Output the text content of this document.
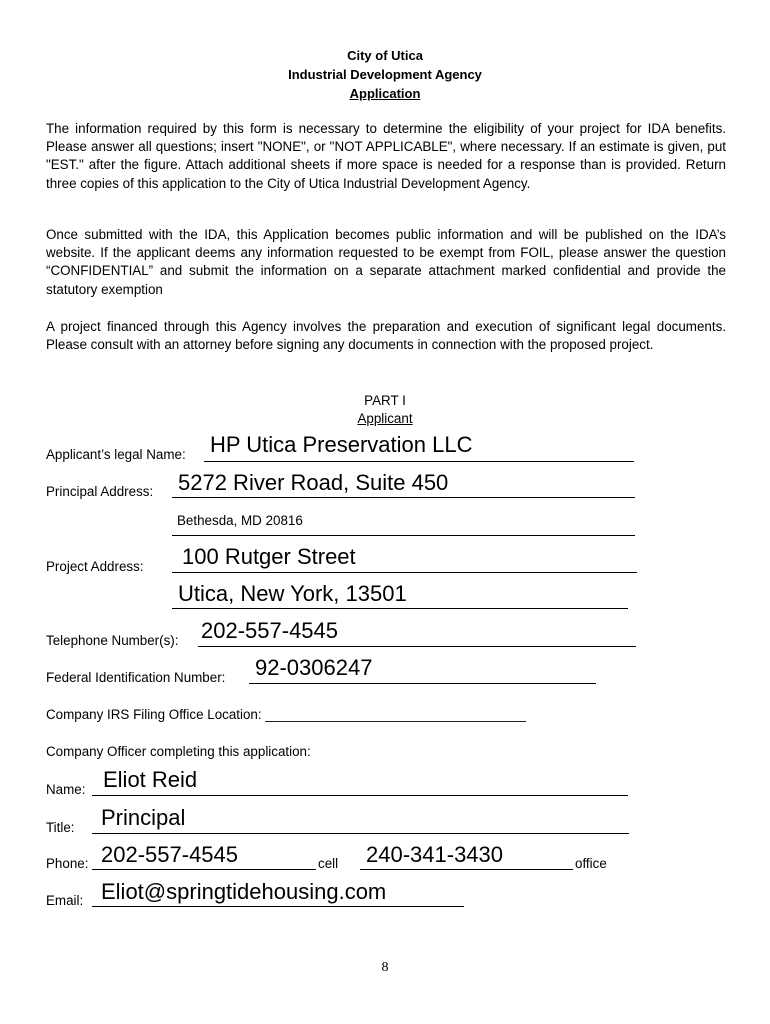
City of Utica
Industrial Development Agency
Application
The information required by this form is necessary to determine the eligibility of your project for IDA benefits. Please answer all questions; insert "NONE", or "NOT APPLICABLE", where necessary. If an estimate is given, put "EST." after the figure. Attach additional sheets if more space is needed for a response than is provided. Return three copies of this application to the City of Utica Industrial Development Agency.
Once submitted with the IDA, this Application becomes public information and will be published on the IDA’s website. If the applicant deems any information requested to be exempt from FOIL, please answer the question “CONFIDENTIAL” and submit the information on a separate attachment marked confidential and provide the statutory exemption
A project financed through this Agency involves the preparation and execution of significant legal documents. Please consult with an attorney before signing any documents in connection with the proposed project.
PART I
Applicant
Applicant’s legal Name: HP Utica Preservation LLC
Principal Address: 5272 River Road, Suite 450
Bethesda, MD 20816
Project Address: 100 Rutger Street
Utica, New York, 13501
Telephone Number(s): 202-557-4545
Federal Identification Number: 92-0306247
Company IRS Filing Office Location: ___________________________________
Company Officer completing this application:
Name: Eliot Reid
Title: Principal
Phone: 202-557-4545	cell 240-341-3430	office
Email: Eliot@springtidehousing.com
8
